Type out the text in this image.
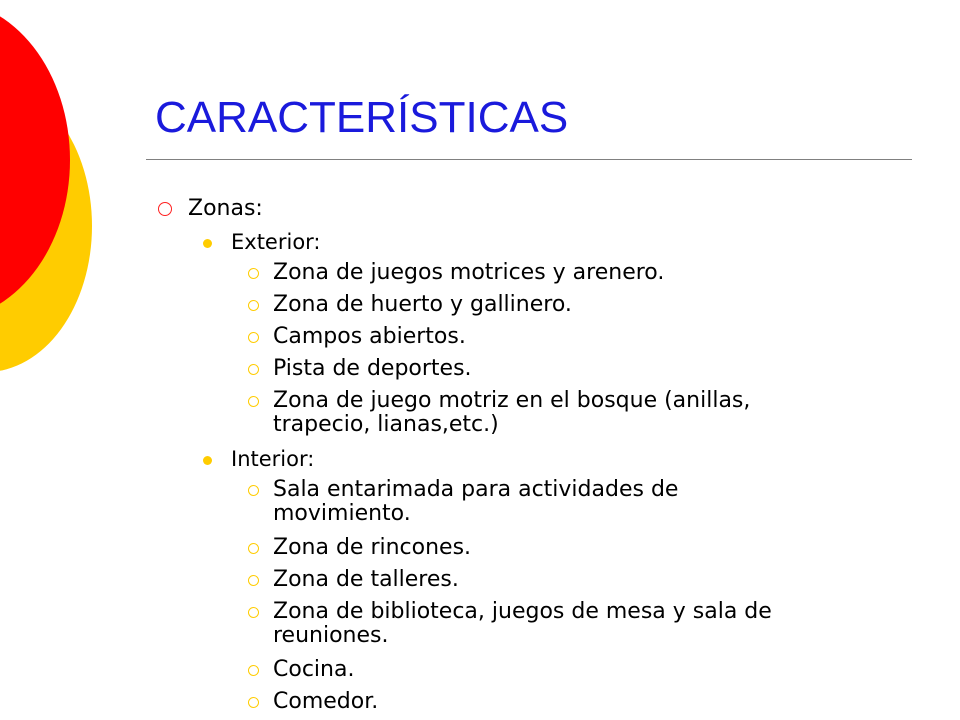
CARACTERÍSTICAS
Zonas:
Exterior:
Zona de juegos motrices y arenero.
Zona de huerto y gallinero.
Campos abiertos.
Pista de deportes.
Zona de juego motriz en el bosque (anillas,
trapecio, lianas,etc.)
Interior:
Sala entarimada para actividades de
movimiento.
Zona de rincones.
Zona de talleres.
Zona de biblioteca, juegos de mesa y sala de
reuniones.
Cocina.
Comedor.
